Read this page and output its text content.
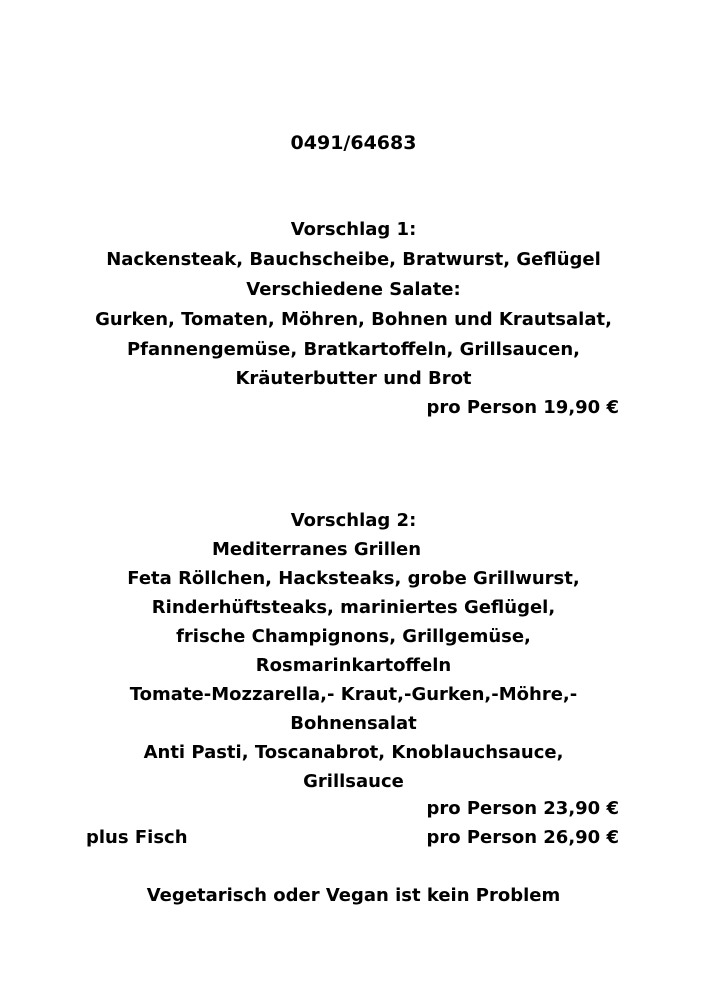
0491/64683
Vorschlag 1:
Nackensteak, Bauchscheibe, Bratwurst, Geflügel
Verschiedene Salate:
Gurken, Tomaten, Möhren, Bohnen und Krautsalat,
Pfannengemüse, Bratkartoffeln, Grillsaucen,
Kräuterbutter und Brot
pro Person 19,90 €
Vorschlag 2:
Mediterranes Grillen
Feta Röllchen, Hacksteaks, grobe Grillwurst,
Rinderhüftsteaks, mariniertes Geflügel,
frische Champignons, Grillgemüse,
Rosmarinkartoffeln
Tomate-Mozzarella,- Kraut,-Gurken,-Möhre,-
Bohnensalat
Anti Pasti, Toscanabrot, Knoblauchsauce,
Grillsauce
pro Person 23,90 €
plus Fisch	pro Person 26,90 €
Vegetarisch oder Vegan ist kein Problem
